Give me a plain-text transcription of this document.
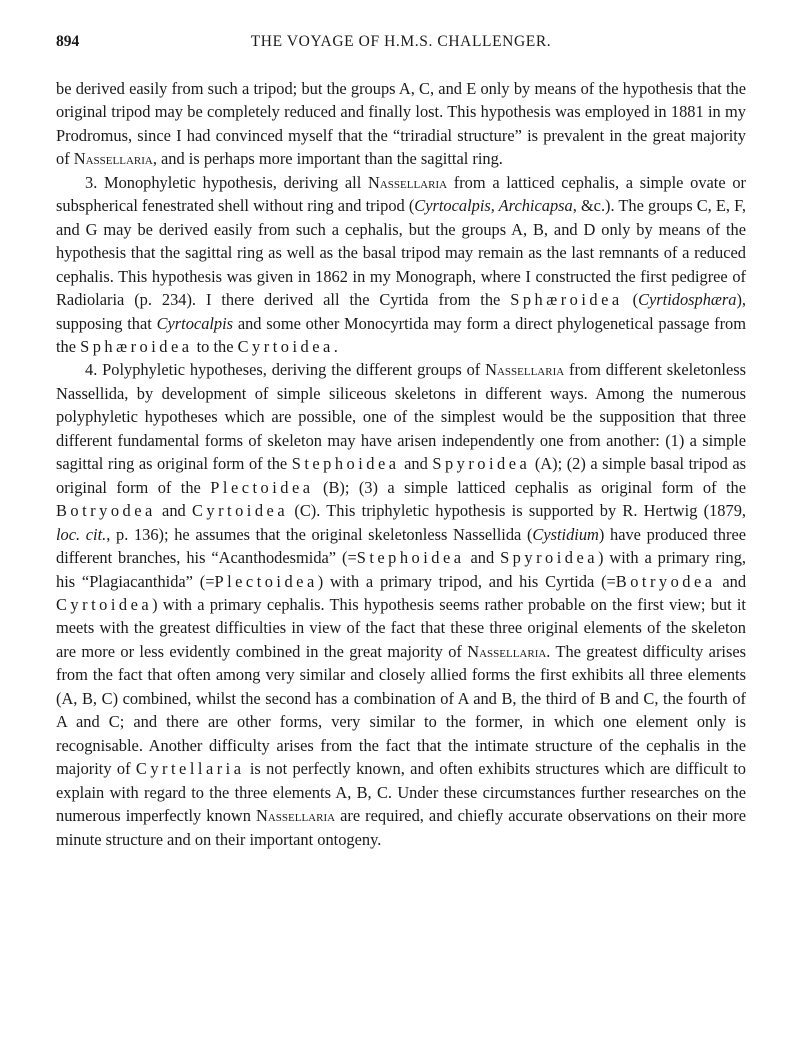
894	THE VOYAGE OF H.M.S. CHALLENGER.

be derived easily from such a tripod; but the groups A, C, and E only by means of the hypothesis that the original tripod may be completely reduced and finally lost. This hypothesis was employed in 1881 in my Prodromus, since I had convinced myself that the “triradial structure” is prevalent in the great majority of Nassellaria, and is perhaps more important than the sagittal ring.

3. Monophyletic hypothesis, deriving all Nassellaria from a latticed cephalis, a simple ovate or subspherical fenestrated shell without ring and tripod (Cyrtocalpis, Archicapsa, &c.). The groups C, E, F, and G may be derived easily from such a cephalis, but the groups A, B, and D only by means of the hypothesis that the sagittal ring as well as the basal tripod may remain as the last remnants of a reduced cephalis. This hypothesis was given in 1862 in my Monograph, where I constructed the first pedigree of Radiolaria (p. 234). I there derived all the Cyrtida from the Sphæroidea (Cyrtidosphæra), supposing that Cyrtocalpis and some other Monocyrtida may form a direct phylogenetical passage from the Sphæroidea to the Cyrtoidea.

4. Polyphyletic hypotheses, deriving the different groups of Nassellaria from different skeletonless Nassellida, by development of simple siliceous skeletons in different ways. Among the numerous polyphyletic hypotheses which are possible, one of the simplest would be the supposition that three different fundamental forms of skeleton may have arisen independently one from another: (1) a simple sagittal ring as original form of the Stephoidea and Spyroidea (A); (2) a simple basal tripod as original form of the Plectoidea (B); (3) a simple latticed cephalis as original form of the Botryodea and Cyrtoidea (C). This triphyletic hypothesis is supported by R. Hertwig (1879, loc. cit., p. 136); he assumes that the original skeletonless Nassellida (Cystidium) have produced three different branches, his “Acanthodesmida” (=Stephoidea and Spyroidea) with a primary ring, his “Plagiacanthida” (=Plectoidea) with a primary tripod, and his Cyrtida (=Botryodea and Cyrtoidea) with a primary cephalis. This hypothesis seems rather probable on the first view; but it meets with the greatest difficulties in view of the fact that these three original elements of the skeleton are more or less evidently combined in the great majority of Nassellaria. The greatest difficulty arises from the fact that often among very similar and closely allied forms the first exhibits all three elements (A, B, C) combined, whilst the second has a combination of A and B, the third of B and C, the fourth of A and C; and there are other forms, very similar to the former, in which one element only is recognisable. Another difficulty arises from the fact that the intimate structure of the cephalis in the majority of Cyrtellaria is not perfectly known, and often exhibits structures which are difficult to explain with regard to the three elements A, B, C. Under these circumstances further researches on the numerous imperfectly known Nassellaria are required, and chiefly accurate observations on their more minute structure and on their important ontogeny.
